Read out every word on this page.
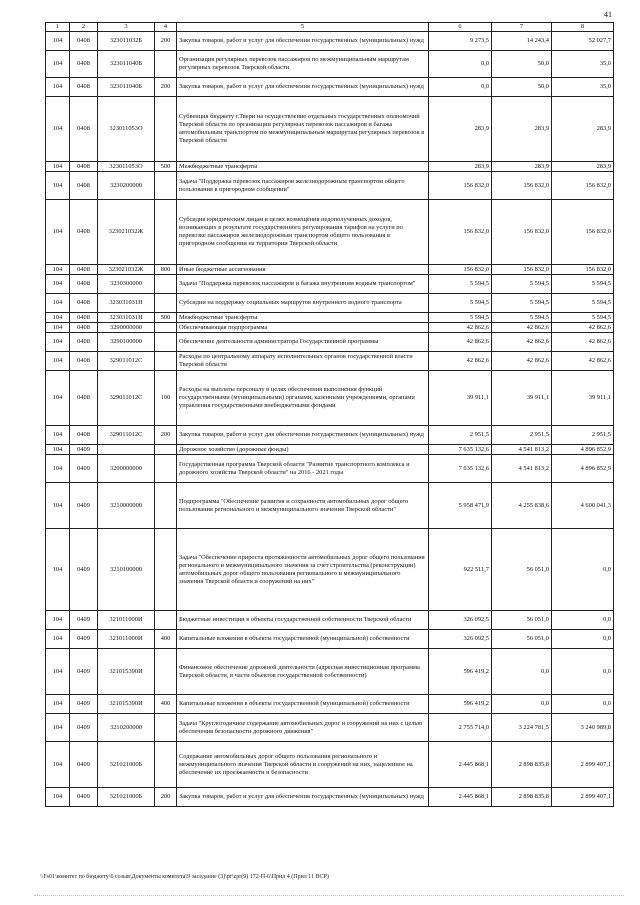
41
1	2	3	4	5	6	7	8
104	0408	323011032Б	200	Закупка товаров, работ и услуг для обеспечения государственных (муниципальных) нужд	9 273,5	14 243,4	52 027,7
104	0408	323011040Б		Организация регулярных перевозок пассажиров по межмуниципальным маршрутам регулярных перевозок Тверской области	0,0	50,0	35,0
104	0408	323011040Б	200	Закупка товаров, работ и услуг для обеспечения государственных (муниципальных) нужд	0,0	50,0	35,0
104	0408	323011053О		Субвенция бюджету г.Твери на осуществление отдельных государственных полномочий Тверской области по организации регулярных перевозок пассажиров и багажа автомобильным транспортом по межмуниципальным маршрутам регулярных перевозок в Тверской области	283,9	283,9	283,9
104	0408	323011053О	500	Межбюджетные трансферты	283,9	283,9	283,9
104	0408	3230200000		Задача "Поддержка перевозок пассажиров железнодорожным транспортом общего пользования в пригородном сообщении"	156 832,0	156 832,0	156 832,0
104	0408	323021032Ж		Субсидия юридическим лицам в целях возмещения недополученных доходов, возникающих в результате государственного регулирования тарифов на услуги по перевозке пассажиров железнодорожным транспортом общего пользования в пригородном сообщении на территории Тверской области	156 832,0	156 832,0	156 832,0
104	0408	323021032Ж	800	Иные бюджетные ассигнования	156 832,0	156 832,0	156 832,0
104	0408	3230300000		Задача "Поддержка перевозок пассажиров и багажа внутренним водным транспортом"	5 594,5	5 594,5	5 594,5
104	0408	323031031Н		Субсидии на поддержку социальных маршрутов внутреннего водного транспорта	5 594,5	5 594,5	5 594,5
104	0408	323031031Н	500	Межбюджетные трансферты	5 594,5	5 594,5	5 594,5
104	0408	3290000000		Обеспечивающая подпрограмма	42 862,6	42 862,6	42 862,6
104	0408	3290100000		Обеспечение деятельности администратора Государственной программы	42 862,6	42 862,6	42 862,6
104	0408	329011012С		Расходы по центральному аппарату исполнительных органов государственной власти Тверской области	42 862,6	42 862,6	42 862,6
104	0408	329011012С	100	Расходы на выплаты персоналу в целях обеспечения выполнения функций государственными (муниципальными) органами, казенными учреждениями, органами управления государственными внебюджетными фондами	39 911,1	39 911,1	39 911,1
104	0408	329011012С	200	Закупка товаров, работ и услуг для обеспечения государственных (муниципальных) нужд	2 951,5	2 951,5	2 951,5
104	0409			Дорожное хозяйство (дорожные фонды)	7 635 132,6	4 541 813,2	4 896 852,9
104	0409	3200000000		Государственная программа Тверской области "Развитие транспортного комплекса и дорожного хозяйства Тверской области" на 2016 - 2021 годы	7 635 132,6	4 541 813,2	4 896 852,9
104	0409	3210000000		Подпрограмма "Обеспечение развития и сохранности автомобильных дорог общего пользования регионального и межмуниципального значения Тверской области"	5 958 471,9	4 255 838,6	4 600 041,3
104	0409	3210100000		Задача "Обеспечение прироста протяженности автомобильных дорог общего пользования регионального и межмуниципального значения за счет строительства (реконструкции) автомобильных дорог общего пользования регионального и межмуниципального значения Тверской области и сооружений на них"	922 511,7	56 051,0	0,0
104	0409	321011000И		Бюджетные инвестиции в объекты государственной собственности Тверской области	326 092,5	56 051,0	0,0
104	0409	321011000И	400	Капитальные вложения в объекты государственной (муниципальной) собственности	326 092,5	56 051,0	0,0
104	0409	321015390И		Финансовое обеспечение дорожной деятельности (адресная инвестиционная программа Тверской области, в части объектов государственной собственности)	596 419,2	0,0	0,0
104	0409	321015390И	400	Капитальные вложения в объекты государственной (муниципальной) собственности	596 419,2	0,0	0,0
104	0409	3210200000		Задача "Круглогодичное содержание автомобильных дорог и сооружений на них с целью обеспечения безопасности дорожного движения"	2 755 714,0	3 224 781,5	3 240 989,8
104	0409	321021000Б		Содержание автомобильных дорог общего пользования регионального и межмуниципального значения Тверской области и сооружений на них, нацеленное на обеспечение их проезжаемости и безопасности	2 445 868,1	2 898 835,8	2 899 407,1
104	0409	321021000Б	200	Закупка товаров, работ и услуг для обеспечения государственных (муниципальных) нужд	2 445 868,1	2 898 835,8	2 899 407,1
\\Fs01\комитет по бюджету\6 созыв\Документы комитета\9 заседание (3)\pr\zpr(9) 172-П-6\Прил 4 (Прил 11 ВСР)
